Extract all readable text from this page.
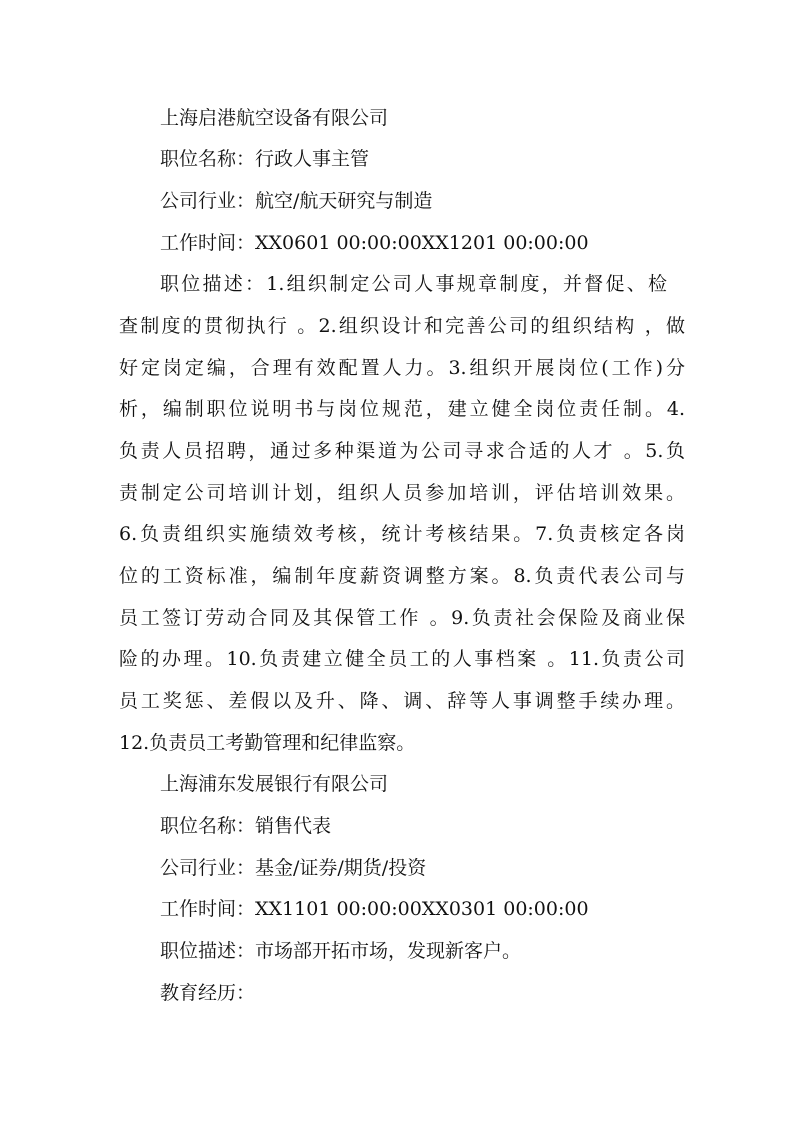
上海启港航空设备有限公司
职位名称：行政人事主管
公司行业：航空/航天研究与制造
工作时间：XX0601 00:00:00XX1201 00:00:00
职位描述：1.组织制定公司人事规章制度，并督促、检
查制度的贯彻执行 。2.组织设计和完善公司的组织结构 ，做
好定岗定编，合理有效配置人力。3.组织开展岗位(工作)分
析，编制职位说明书与岗位规范，建立健全岗位责任制。4.
负责人员招聘，通过多种渠道为公司寻求合适的人才 。5.负
责制定公司培训计划，组织人员参加培训，评估培训效果。
6.负责组织实施绩效考核，统计考核结果。7.负责核定各岗
位的工资标准，编制年度薪资调整方案。8.负责代表公司与
员工签订劳动合同及其保管工作 。9.负责社会保险及商业保
险的办理。10.负责建立健全员工的人事档案 。11.负责公司
员工奖惩、差假以及升、降、调、辞等人事调整手续办理。
12.负责员工考勤管理和纪律监察。
上海浦东发展银行有限公司
职位名称：销售代表
公司行业：基金/证券/期货/投资
工作时间：XX1101 00:00:00XX0301 00:00:00
职位描述：市场部开拓市场，发现新客户。
教育经历：
